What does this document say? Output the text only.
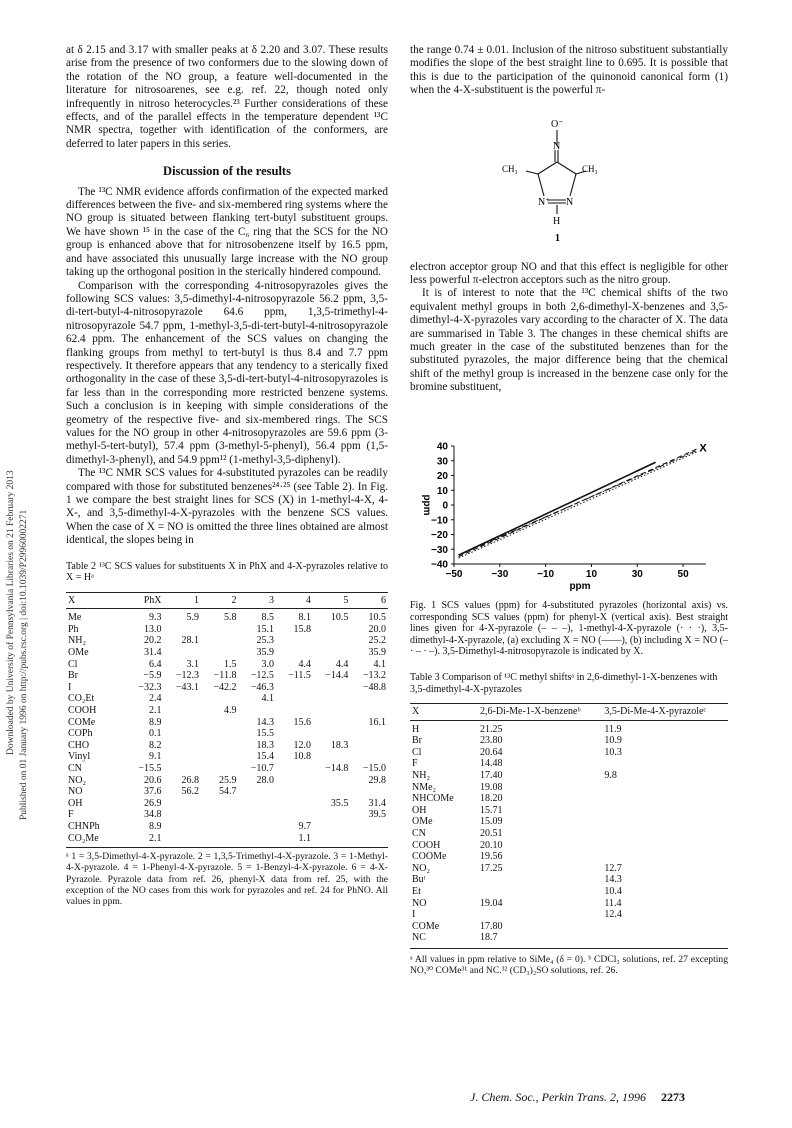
Downloaded by University of Pennsylvania Libraries on 21 February 2013 Published on 01 January 1996 on http://pubs.rsc.org | doi:10.1039/P29960002271

at δ 2.15 and 3.17 with smaller peaks at δ 2.20 and 3.07. These results arise from the presence of two conformers due to the slowing down of the rotation of the NO group, a feature well-documented in the literature for nitrosoarenes, see e.g. ref. 22, though noted only infrequently in nitroso heterocycles.²³ Further considerations of these effects, and of the parallel effects in the temperature dependent ¹³C NMR spectra, together with identification of the conformers, are deferred to later papers in this series.

Discussion of the results

The ¹³C NMR evidence affords confirmation of the expected marked differences between the five- and six-membered ring systems where the NO group is situated between flanking tert-butyl substituent groups. We have shown ¹⁵ in the case of the C₆ ring that the SCS for the NO group is enhanced above that for nitrosobenzene itself by 16.5 ppm, and have associated this unusually large increase with the NO group taking up the orthogonal position in the sterically hindered compound.

Comparison with the corresponding 4-nitrosopyrazoles gives the following SCS values: 3,5-dimethyl-4-nitrosopyrazole 56.2 ppm, 3,5-di-tert-butyl-4-nitrosopyrazole 64.6 ppm, 1,3,5-trimethyl-4-nitrosopyrazole 54.7 ppm, 1-methyl-3,5-di-tert-butyl-4-nitrosopyrazole 62.4 ppm. The enhancement of the SCS values on changing the flanking groups from methyl to tert-butyl is thus 8.4 and 7.7 ppm respectively. It therefore appears that any tendency to a sterically fixed orthogonality in the case of these 3,5-di-tert-butyl-4-nitrosopyrazoles is far less than in the corresponding more restricted benzene systems. Such a conclusion is in keeping with simple considerations of the geometry of the respective five- and six-membered rings. The SCS values for the NO group in other 4-nitrosopyrazoles are 59.6 ppm (3-methyl-5-tert-butyl), 57.4 ppm (3-methyl-5-phenyl), 56.4 ppm (1,5-dimethyl-3-phenyl), and 54.9 ppm¹² (1-methyl-3,5-diphenyl).

The ¹³C NMR SCS values for 4-substituted pyrazoles can be readily compared with those for substituted benzenes²⁴·²⁵ (see Table 2). In Fig. 1 we compare the best straight lines for SCS (X) in 1-methyl-4-X, 4-X-, and 3,5-dimethyl-4-X-pyrazoles with the benzene SCS values. When the case of X = NO is omitted the three lines obtained are almost identical, the slopes being in

Table 2 ¹³C SCS values for substituents X in PhX and 4-X-pyrazoles relative to X = Hᵃ
X	PhX	1	2	3	4	5	6
Me	9.3	5.9	5.8	8.5	8.1	10.5	10.5
Ph	13.0			15.1	15.8		20.0
NH₂	20.2	28.1		25.3			25.2
OMe	31.4			35.9			35.9
Cl	6.4	3.1	1.5	3.0	4.4	4.4	4.1
Br	−5.9	−12.3	−11.8	−12.5	−11.5	−14.4	−13.2
I	−32.3	−43.1	−42.2	−46.3			−48.8
CO₂Et	2.4			4.1			
COOH	2.1		4.9				
COMe	8.9			14.3	15.6		16.1
COPh	0.1			15.5			
CHO	8.2			18.3	12.0	18.3	
Vinyl	9.1			15.4	10.8		
CN	−15.5			−10.7		−14.8	−15.0
NO₂	20.6	26.8	25.9	28.0			29.8
NO	37.6	56.2	54.7				
OH	26.9					35.5	31.4
F	34.8						39.5
CHNPh	8.9				9.7		
CO₂Me	2.1				1.1		
ᵃ 1 = 3,5-Dimethyl-4-X-pyrazole. 2 = 1,3,5-Trimethyl-4-X-pyrazole. 3 = 1-Methyl-4-X-pyrazole. 4 = 1-Phenyl-4-X-pyrazole. 5 = 1-Benzyl-4-X-pyrazole. 6 = 4-X-Pyrazole. Pyrazole data from ref. 26, phenyl-X data from ref. 25, with the exception of the NO cases from this work for pyrazoles and ref. 24 for PhNO. All values in ppm.

the range 0.74 ± 0.01. Inclusion of the nitroso substituent substantially modifies the slope of the best straight line to 0.695. It is possible that this is due to the participation of the quinonoid canonical form (1) when the 4-X-substituent is the powerful π-

electron acceptor group NO and that this effect is negligible for other less powerful π-electron acceptors such as the nitro group.

It is of interest to note that the ¹³C chemical shifts of the two equivalent methyl groups in both 2,6-dimethyl-X-benzenes and 3,5-dimethyl-4-X-pyrazoles vary according to the character of X. The data are summarised in Table 3. The changes in these chemical shifts are much greater in the case of the substituted benzenes than for the substituted pyrazoles, the major difference being that the chemical shift of the methyl group is increased in the benzene case only for the bromine substituent,

O⁻
N
CH₃	CH₃
N⁺ N
H
1
40
30
20
10
0
−10
−20
−30
−40
−50	−30	−10	10	30	50
ppm
ppm
X
Fig. 1 SCS values (ppm) for 4-substituted pyrazoles (horizontal axis) vs. corresponding SCS values (ppm) for phenyl-X (vertical axis). Best straight lines given for 4-X-pyrazole (– – –), 1-methyl-4-X-pyrazole (· · ·), 3,5-dimethyl-4-X-pyrazole, (a) excluding X = NO (——), (b) including X = NO (– · – · –). 3,5-Dimethyl-4-nitrosopyrazole is indicated by X.
Table 3 Comparison of ¹³C methyl shiftsᵃ in 2,6-dimethyl-1-X-benzenes with 3,5-dimethyl-4-X-pyrazoles
X	2,6-Di-Me-1-X-benzeneᵇ	3,5-Di-Me-4-X-pyrazoleᶜ
H	21.25	11.9
Br	23.80	10.9
Cl	20.64	10.3
F	14.48	
NH₂	17.40	9.8
NMe₂	19.08	
NHCOMe	18.20	
OH	15.71	
OMe	15.09	
CN	20.51	
COOH	20.10	
COOMe	19.56	
NO₂	17.25	12.7
Buᵗ		14.3
Et		10.4
NO	19.04	11.4
I		12.4
COMe	17.80	
NC	18.7	
ᵃ All values in ppm relative to SiMe₄ (δ = 0). ᵇ CDCl₃ solutions, ref. 27 excepting NO,³⁰ COMe³¹ and NC.³² (CD₃)₂SO solutions, ref. 26.
J. Chem. Soc., Perkin Trans. 2, 1996 2273
